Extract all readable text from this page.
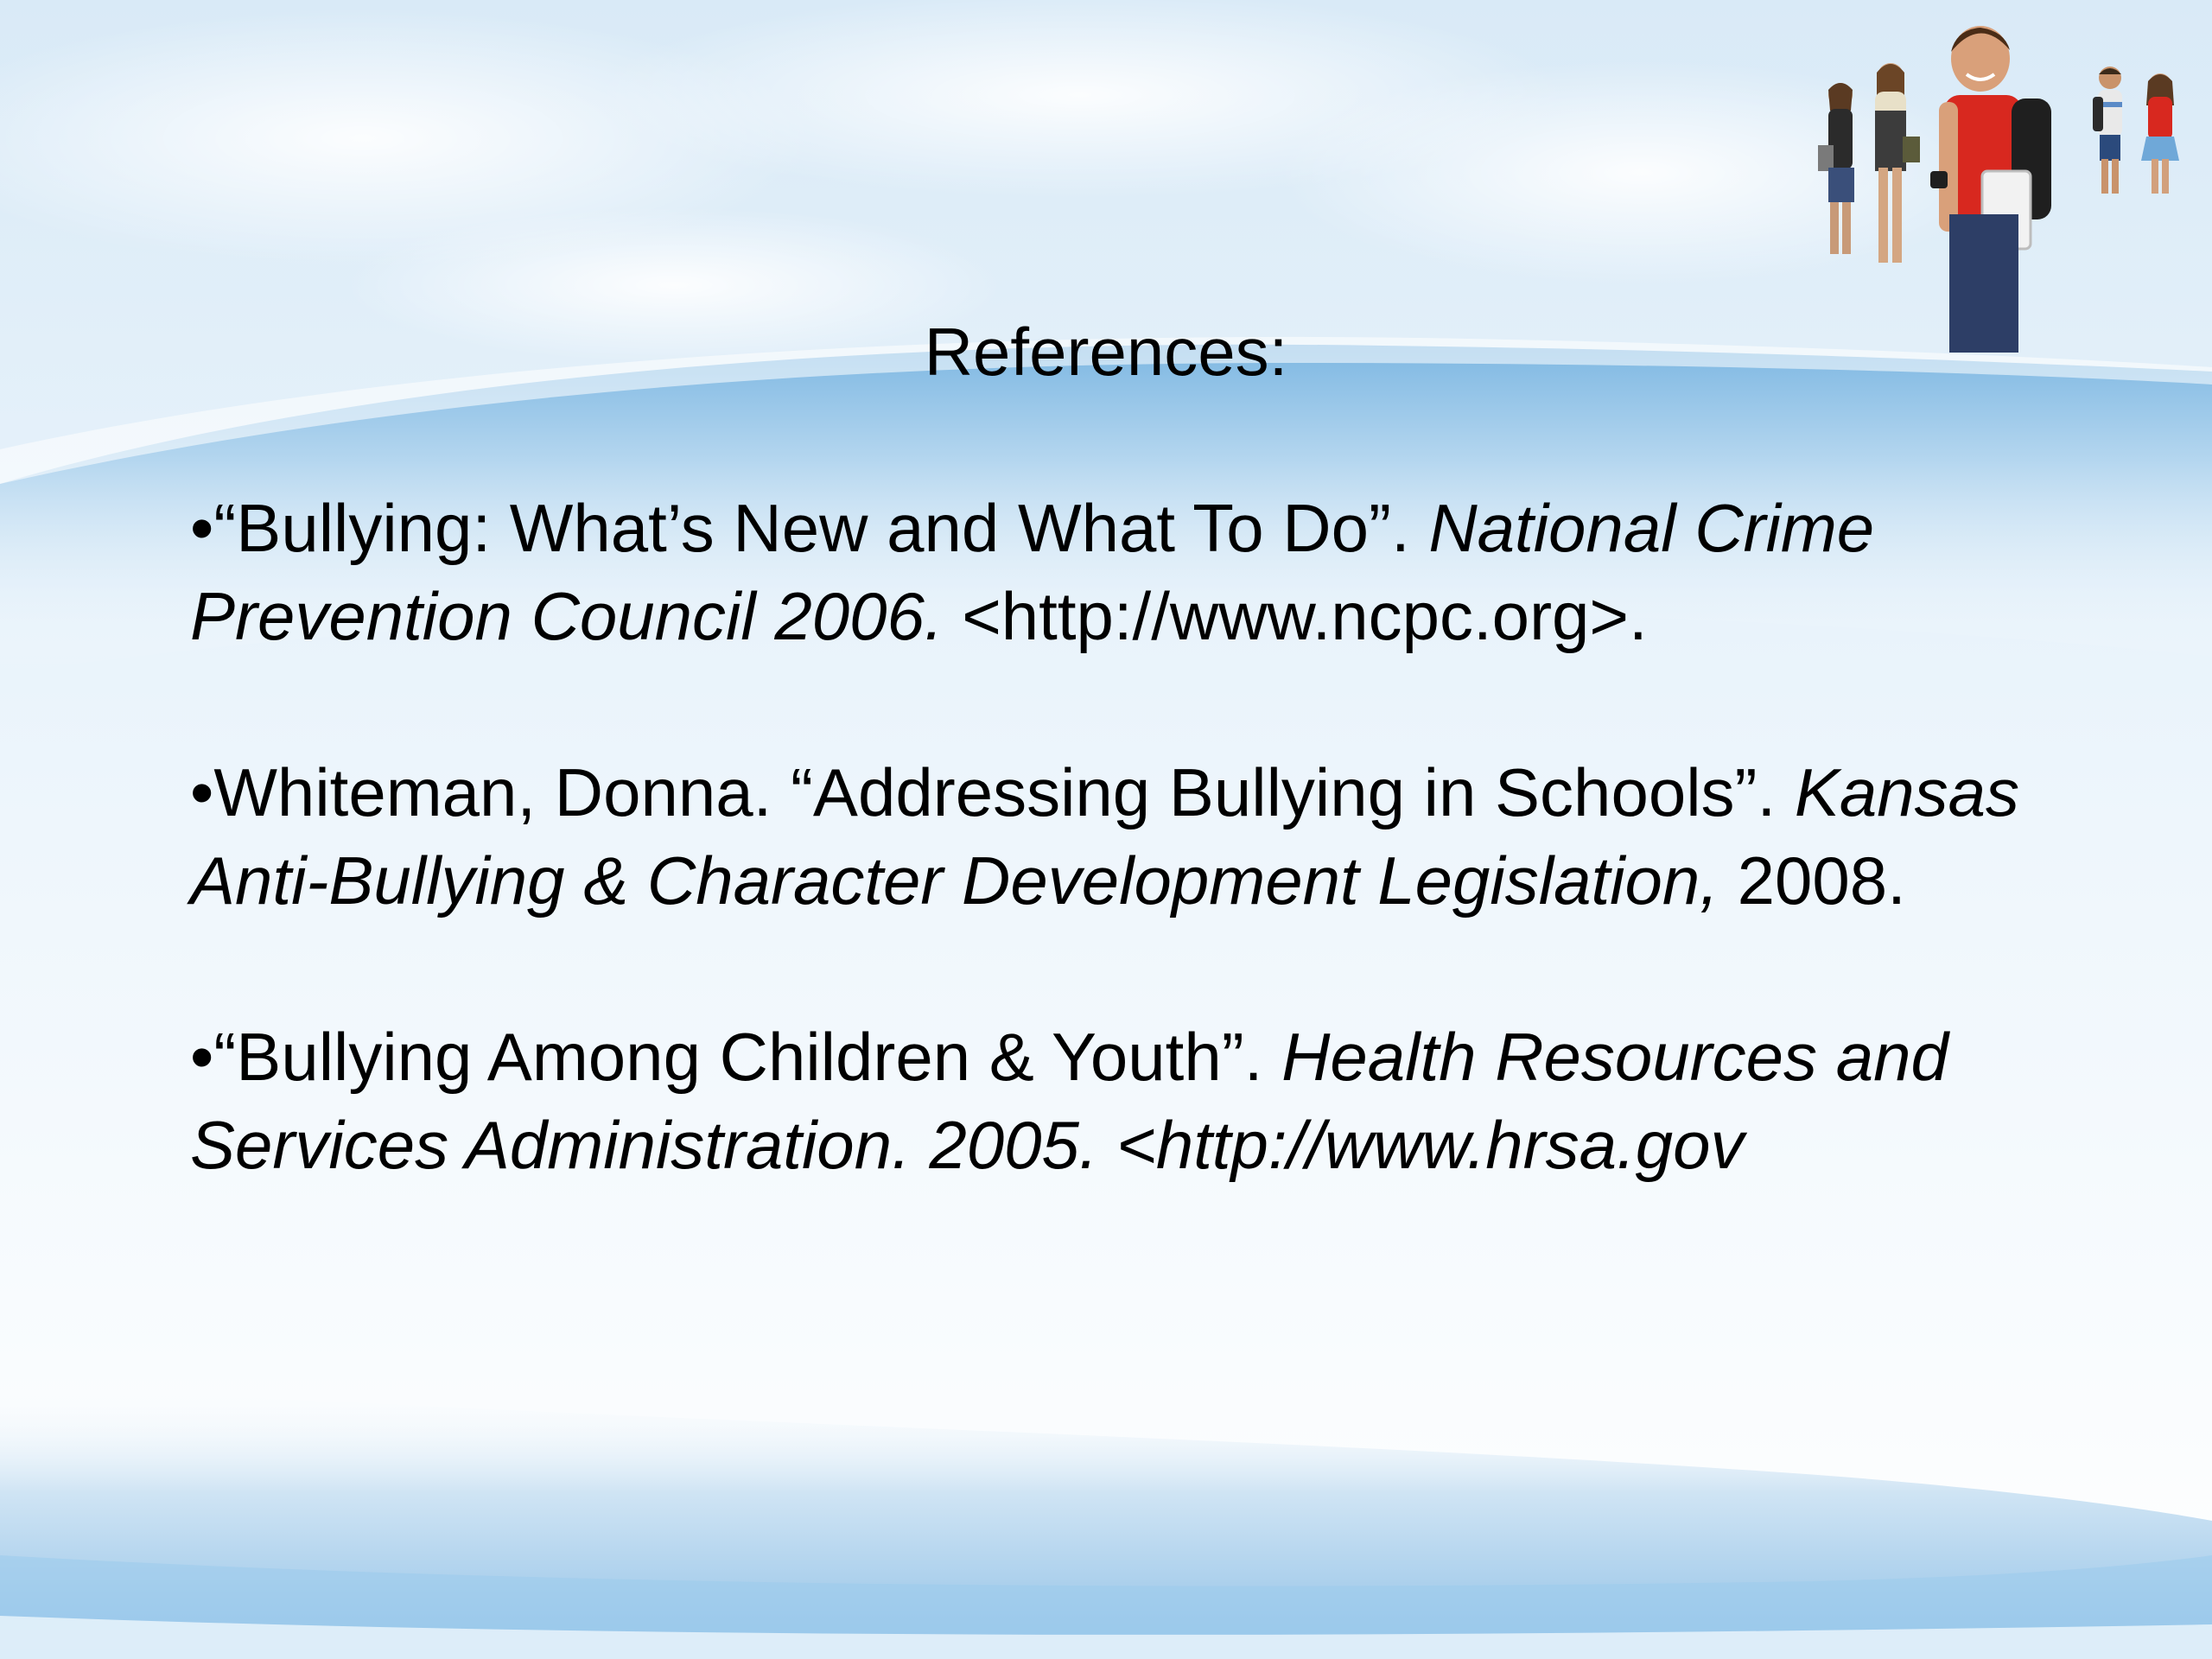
References:
•“Bullying: What’s New and What To Do”. National Crime Prevention Council 2006. <http://www.ncpc.org>.
•Whiteman, Donna. “Addressing Bullying in Schools”. Kansas Anti-Bullying & Character Development Legislation, 2008.
•“Bullying Among Children & Youth”. Health Resources and Services Administration. 2005. <http://www.hrsa.gov
